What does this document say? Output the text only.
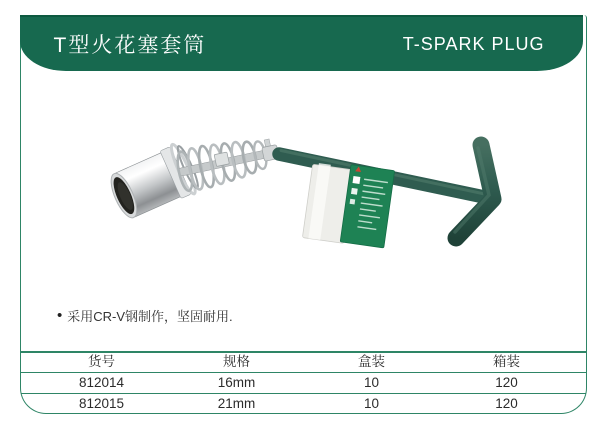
T型火花塞套筒	T-SPARK PLUG
• 采用CR-V钢制作，坚固耐用.
货号	规格	盒装	箱装
812014	16mm	10	120
812015	21mm	10	120
